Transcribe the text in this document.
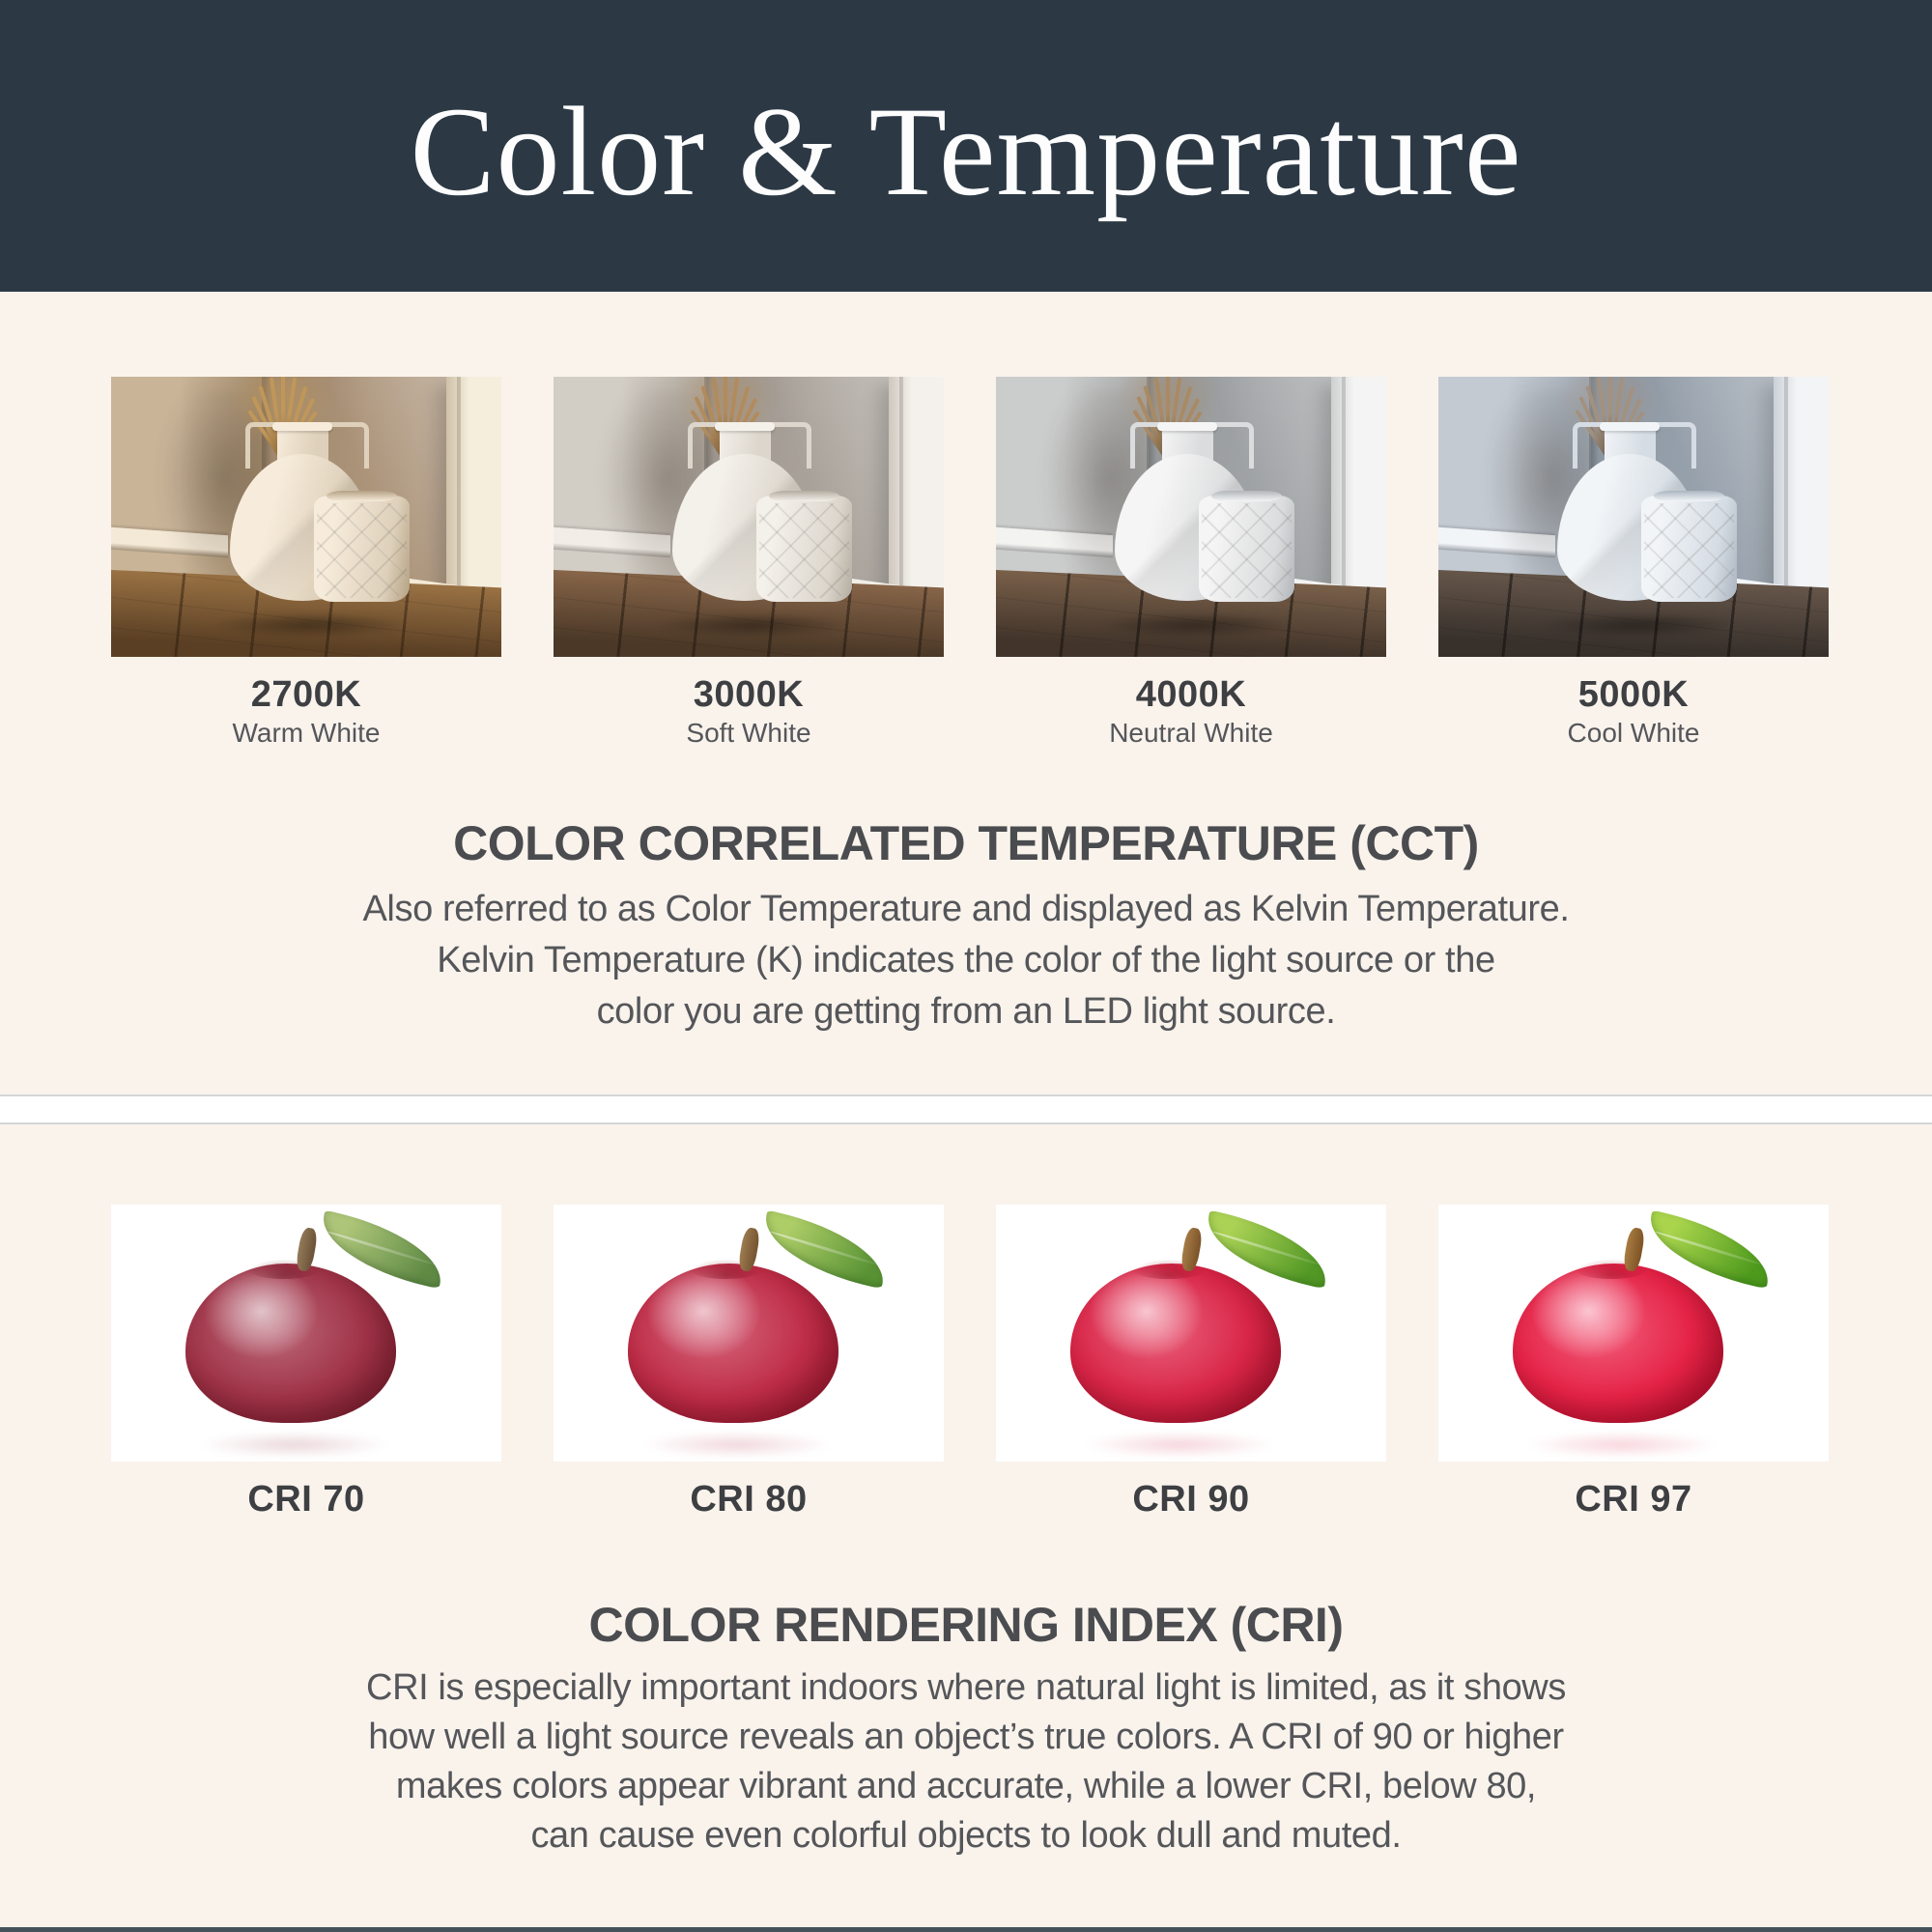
Color & Temperature
2700K
Warm White
3000K
Soft White
4000K
Neutral White
5000K
Cool White
COLOR CORRELATED TEMPERATURE (CCT)
Also referred to as Color Temperature and displayed as Kelvin Temperature.
Kelvin Temperature (K) indicates the color of the light source or the
color you are getting from an LED light source.
CRI 70	CRI 80	CRI 90	CRI 97
COLOR RENDERING INDEX (CRI)
CRI is especially important indoors where natural light is limited, as it shows
how well a light source reveals an object’s true colors. A CRI of 90 or higher
makes colors appear vibrant and accurate, while a lower CRI, below 80,
can cause even colorful objects to look dull and muted.
